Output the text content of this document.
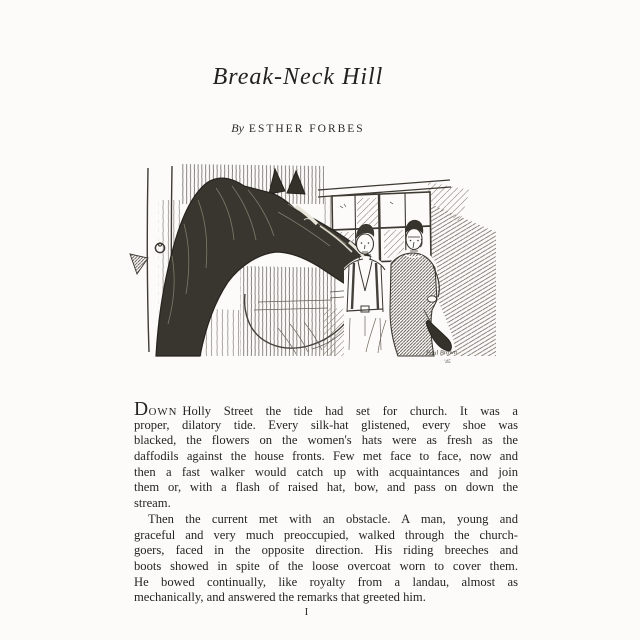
Break-Neck Hill
By ESTHER FORBES
Paul Brown
'45
DOWN Holly Street the tide had set for church. It was a
proper, dilatory tide. Every silk-hat glistened, every shoe was
blacked, the flowers on the women's hats were as fresh as the
daffodils against the house fronts. Few met face to face, now and
then a fast walker would catch up with acquaintances and join
them or, with a flash of raised hat, bow, and pass on down the
stream.
Then the current met with an obstacle. A man, young and
graceful and very much preoccupied, walked through the church-
goers, faced in the opposite direction. His riding breeches and
boots showed in spite of the loose overcoat worn to cover them.
He bowed continually, like royalty from a landau, almost as
mechanically, and answered the remarks that greeted him.
I
